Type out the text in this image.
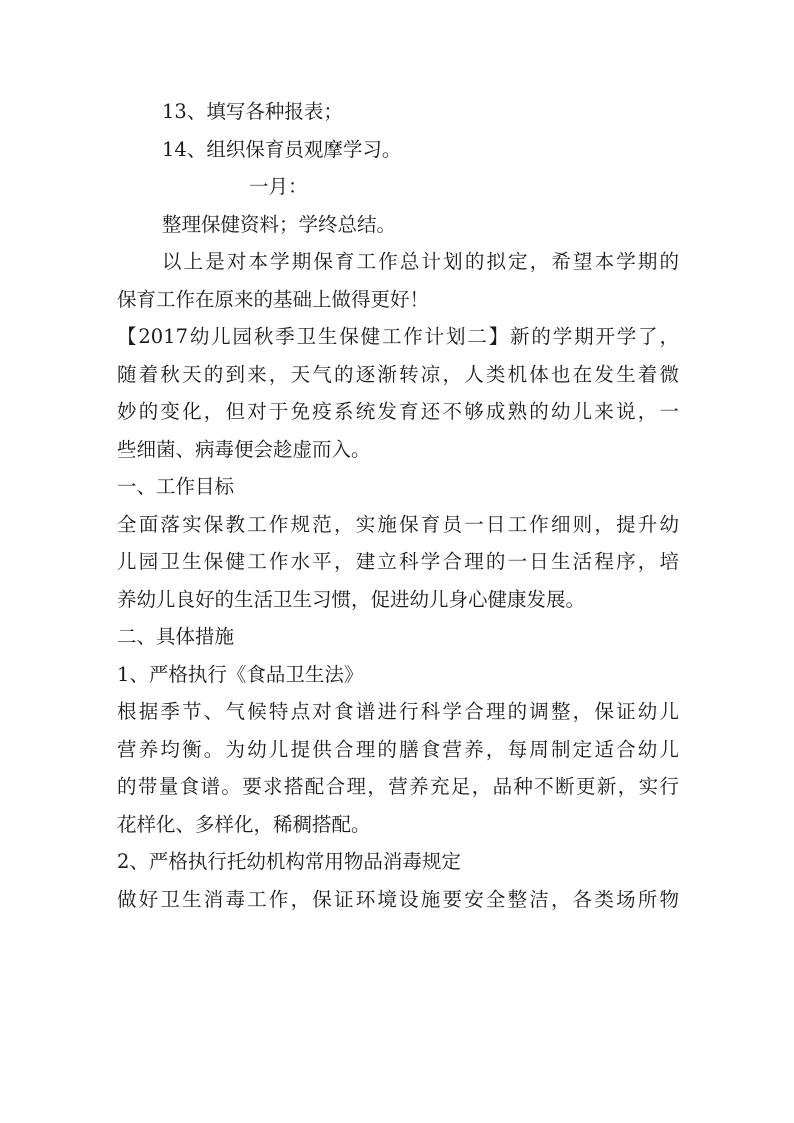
13、填写各种报表；

14、组织保育员观摩学习。

一月：

整理保健资料；学终总结。

以上是对本学期保育工作总计划的拟定，希望本学期的

保育工作在原来的基础上做得更好！

【2017幼儿园秋季卫生保健工作计划二】新的学期开学了，

随着秋天的到来，天气的逐渐转凉，人类机体也在发生着微

妙的变化，但对于免疫系统发育还不够成熟的幼儿来说，一

些细菌、病毒便会趁虚而入。

一、工作目标

全面落实保教工作规范，实施保育员一日工作细则，提升幼

儿园卫生保健工作水平，建立科学合理的一日生活程序，培

养幼儿良好的生活卫生习惯，促进幼儿身心健康发展。

二、具体措施

1、严格执行《食品卫生法》

根据季节、气候特点对食谱进行科学合理的调整，保证幼儿

营养均衡。为幼儿提供合理的膳食营养，每周制定适合幼儿

的带量食谱。要求搭配合理，营养充足，品种不断更新，实行

花样化、多样化，稀稠搭配。

2、严格执行托幼机构常用物品消毒规定

做好卫生消毒工作，保证环境设施要安全整洁，各类场所物
